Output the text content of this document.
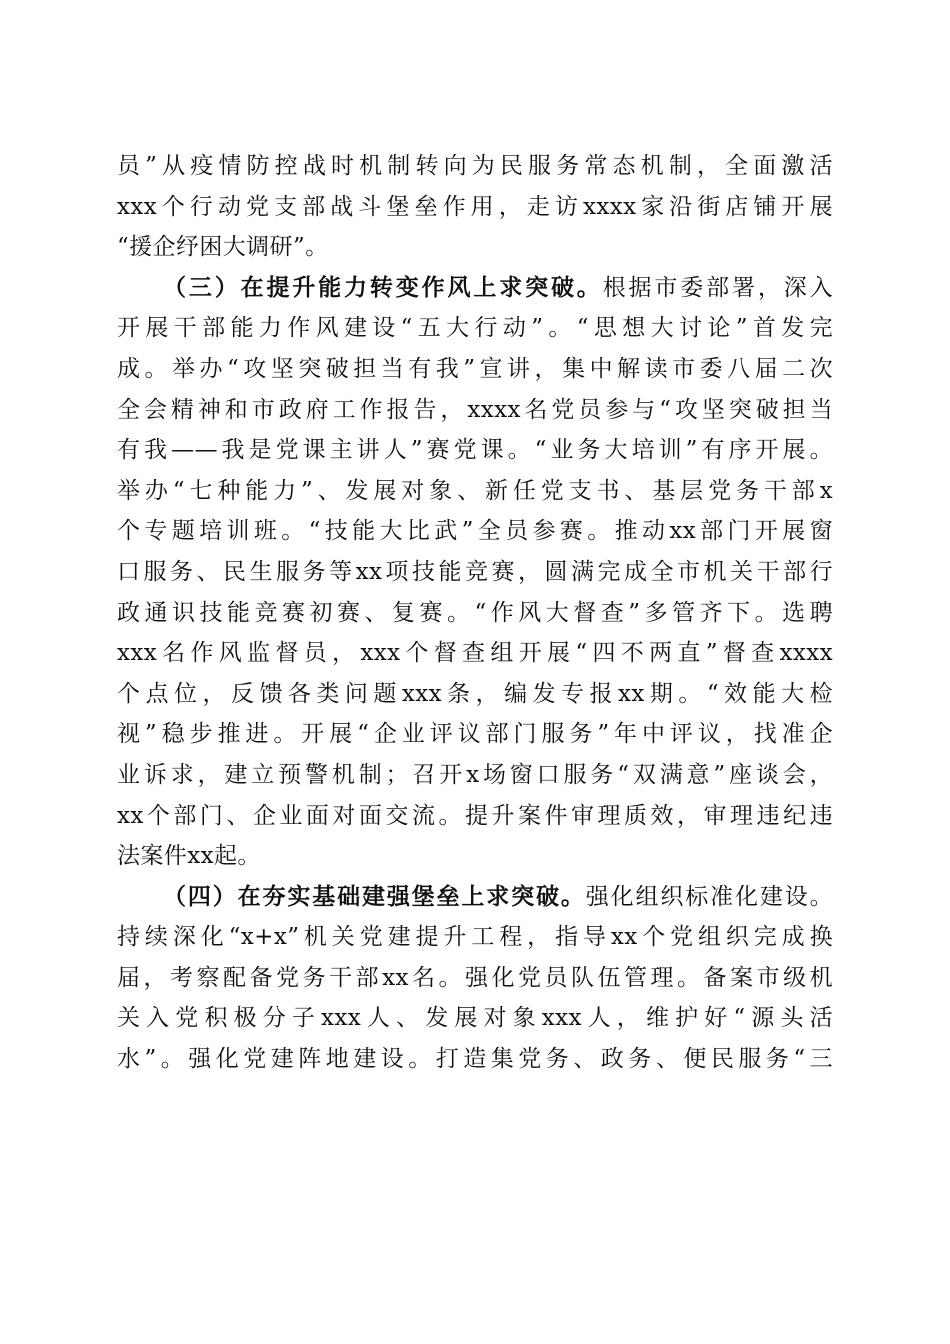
员”从疫情防控战时机制转向为民服务常态机制，全面激活
xxx个行动党支部战斗堡垒作用，走访xxxx家沿街店铺开展
“援企纾困大调研”。
（三）在提升能力转变作风上求突破。根据市委部署，深入
开展干部能力作风建设“五大行动”。“思想大讨论”首发完
成。举办“攻坚突破担当有我”宣讲，集中解读市委八届二次
全会精神和市政府工作报告，xxxx名党员参与“攻坚突破担当
有我——我是党课主讲人”赛党课。“业务大培训”有序开展。
举办“七种能力”、发展对象、新任党支书、基层党务干部x
个专题培训班。“技能大比武”全员参赛。推动xx部门开展窗
口服务、民生服务等xx项技能竞赛，圆满完成全市机关干部行
政通识技能竞赛初赛、复赛。“作风大督查”多管齐下。选聘
xxx名作风监督员，xxx个督查组开展“四不两直”督查xxxx
个点位，反馈各类问题xxx条，编发专报xx期。“效能大检
视”稳步推进。开展“企业评议部门服务”年中评议，找准企
业诉求，建立预警机制；召开x场窗口服务“双满意”座谈会，
xx个部门、企业面对面交流。提升案件审理质效，审理违纪违
法案件xx起。
（四）在夯实基础建强堡垒上求突破。强化组织标准化建设。
持续深化“x+x”机关党建提升工程，指导xx个党组织完成换
届，考察配备党务干部xx名。强化党员队伍管理。备案市级机
关入党积极分子xxx人、发展对象xxx人，维护好“源头活
水”。强化党建阵地建设。打造集党务、政务、便民服务“三
